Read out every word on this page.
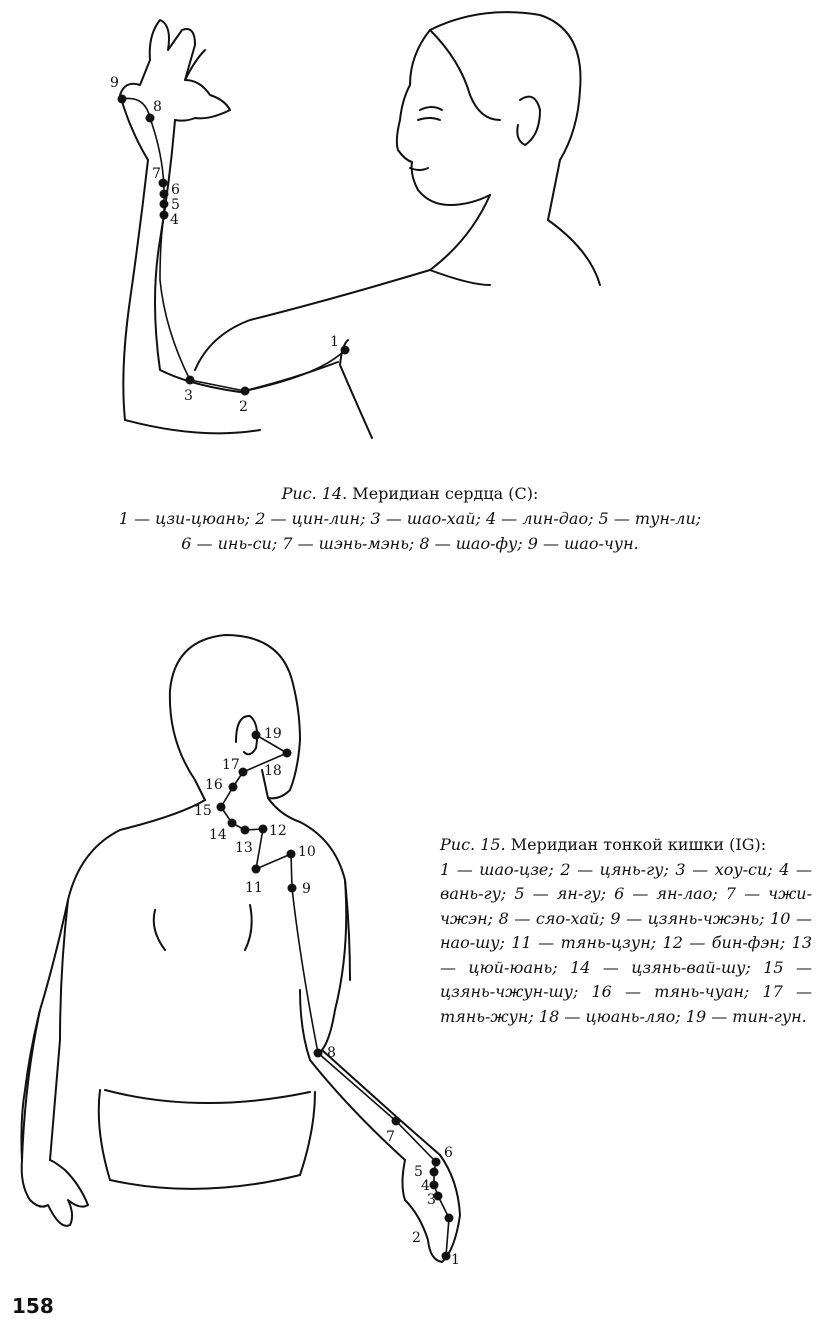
1
2
3
4
5
6
7
8
9
Рис. 14. Меридиан сердца (С):
1 — цзи-цюань; 2 — цин-лин; 3 — шао-хай; 4 — лин-дао; 5 — тун-ли;
6 — инь-си; 7 — шэнь-мэнь; 8 — шао-фу; 9 — шао-чун.
1
2
3
4
5
6
7
8
9
10
11
12
13
14
15
16
17 18
19
Рис. 15. Меридиан тонкой кишки (IG):
1 — шао-цзе; 2 — цянь-гу; 3 — хоу-си; 4 — вань-гу; 5 — ян-гу; 6 — ян-лао; 7 — чжи-чжэн; 8 — сяо-хай; 9 — цзянь-чжэнь; 10 — нао-шу; 11 — тянь-цзун; 12 — бин-фэн; 13 — цюй-юань; 14 — цзянь-вай-шу; 15 — цзянь-чжун-шу; 16 — тянь-чуан; 17 — тянь-жун; 18 — цюань-ляо; 19 — тин-гун.
158
